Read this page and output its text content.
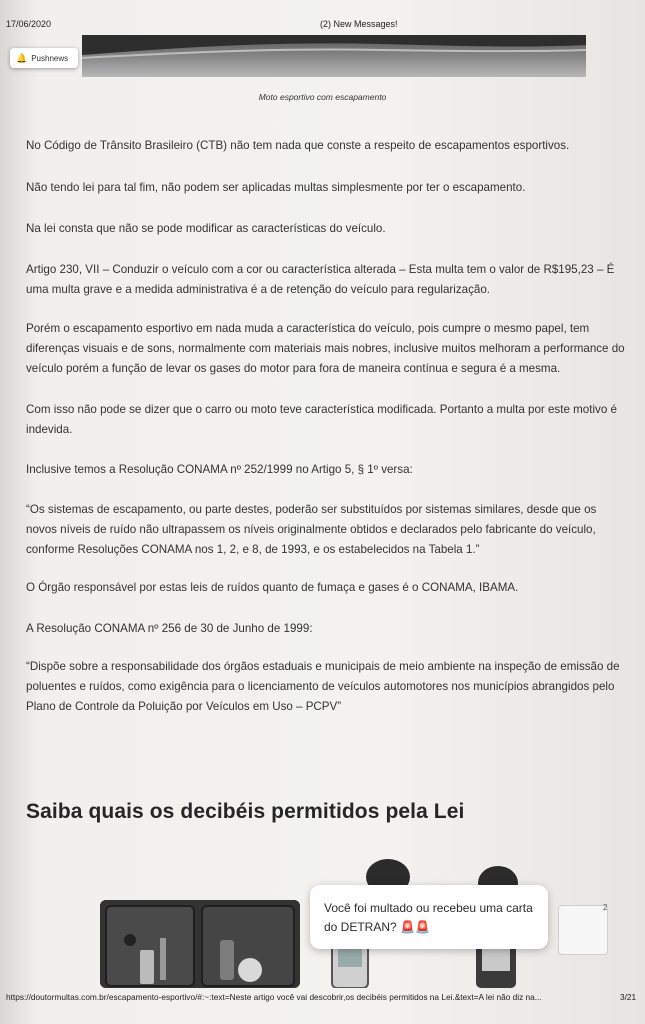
17/06/2020	(2) New Messages!
🔔 Pushnews
Moto esportivo com escapamento
No Código de Trânsito Brasileiro (CTB) não tem nada que conste a respeito de escapamentos esportivos.
Não tendo lei para tal fim, não podem ser aplicadas multas simplesmente por ter o escapamento.
Na lei consta que não se pode modificar as características do veículo.
Artigo 230, VII – Conduzir o veículo com a cor ou característica alterada – Esta multa tem o valor de R$195,23 – É uma multa grave e a medida administrativa é a de retenção do veículo para regularização.
Porém o escapamento esportivo em nada muda a característica do veículo, pois cumpre o mesmo papel, tem diferenças visuais e de sons, normalmente com materiais mais nobres, inclusive muitos melhoram a performance do veículo porém a função de levar os gases do motor para fora de maneira contínua e segura é a mesma.
Com isso não pode se dizer que o carro ou moto teve característica modificada. Portanto a multa por este motivo é indevida.
Inclusive temos a Resolução CONAMA nº 252/1999 no Artigo 5, § 1º versa:
“Os sistemas de escapamento, ou parte destes, poderão ser substituídos por sistemas similares, desde que os novos níveis de ruído não ultrapassem os níveis originalmente obtidos e declarados pelo fabricante do veículo, conforme Resoluções CONAMA nos 1, 2, e 8, de 1993, e os estabelecidos na Tabela 1.”
O Órgão responsável por estas leis de ruídos quanto de fumaça e gases é o CONAMA, IBAMA.
A Resolução CONAMA nº 256 de 30 de Junho de 1999:
“Dispõe sobre a responsabilidade dos órgãos estaduais e municipais de meio ambiente na inspeção de emissão de poluentes e ruídos, como exigência para o licenciamento de veículos automotores nos municípios abrangidos pelo Plano de Controle da Poluição por Veículos em Uso – PCPV”
Saiba quais os decibéis permitidos pela Lei
Você foi multado ou recebeu uma carta do DETRAN? 🚨🚨
2
https://doutormultas.com.br/escapamento-esportivo/#:~:text=Neste artigo você vai descobrir,os decibéis permitidos na Lei.&text=A lei não diz na...	3/21
